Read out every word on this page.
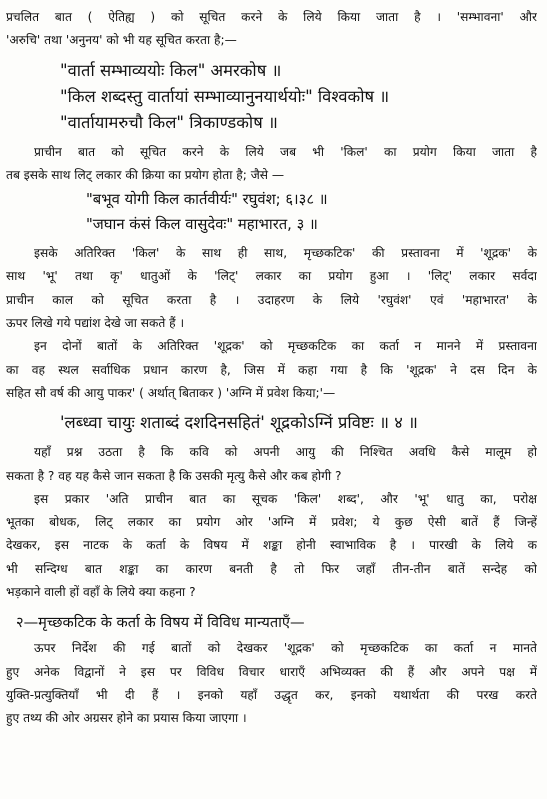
प्रचलित बात ( ऐतिह्य ) को सूचित करने के लिये किया जाता है । 'सम्भावना' और
'अरुचि' तथा 'अनुनय' को भी यह सूचित करता है;—
"वार्ता सम्भाव्ययोः किल" अमरकोष ॥
"किल शब्दस्तु वार्तायां सम्भाव्यानुनयार्थयोः" विश्वकोष ॥
"वार्तायामरुचौ किल" त्रिकाण्डकोष ॥
प्राचीन बात को सूचित करने के लिये जब भी 'किल' का प्रयोग किया जाता है
तब इसके साथ लिट् लकार की क्रिया का प्रयोग होता है; जैसे —
"बभूव योगी किल कार्तवीर्यः" रघुवंश; ६।३८ ॥
"जघान कंसं किल वासुदेवः" महाभारत, ३ ॥
इसके अतिरिक्त 'किल' के साथ ही साथ, मृच्छकटिक' की प्रस्तावना में 'शूद्रक' के
साथ 'भू' तथा कृ' धातुओं के 'लिट्' लकार का प्रयोग हुआ । 'लिट्' लकार सर्वदा
प्राचीन काल को सूचित करता है । उदाहरण के लिये 'रघुवंश' एवं 'महाभारत' के
ऊपर लिखे गये पद्यांश देखे जा सकते हैं ।
इन दोनों बातों के अतिरिक्त 'शूद्रक' को मृच्छकटिक का कर्ता न मानने में प्रस्तावना
का वह स्थल सर्वाधिक प्रधान कारण है, जिस में कहा गया है कि 'शूद्रक' ने दस दिन के
सहित सौ वर्ष की आयु पाकर' ( अर्थात् बिताकर ) 'अग्नि में प्रवेश किया;'—
'लब्ध्वा चायुः शताब्दं दशदिनसहितं' शूद्रकोऽग्निं प्रविष्टः ॥ ४ ॥
यहाँ प्रश्न उठता है कि कवि को अपनी आयु की निश्चित अवधि कैसे मालूम हो
सकता है ? वह यह कैसे जान सकता है कि उसकी मृत्यु कैसे और कब होगी ?
इस प्रकार 'अति प्राचीन बात का सूचक 'किल' शब्द', और 'भू' धातु का, परोक्ष
भूतका बोधक, लिट् लकार का प्रयोग ओर 'अग्नि में प्रवेश; ये कुछ ऐसी बातें हैं जिन्हें
देखकर, इस नाटक के कर्ता के विषय में शङ्का होनी स्वाभाविक है । पारखी के लिये क
भी सन्दिग्ध बात शङ्का का कारण बनती है तो फिर जहाँ तीन-तीन बातें सन्देह को
भड़काने वाली हों वहाँ के लिये क्या कहना ?
२—मृच्छकटिक के कर्ता के विषय में विविध मान्यताएँ—
ऊपर निर्देश की गई बातों को देखकर 'शूद्रक' को मृच्छकटिक का कर्ता न मानते
हुए अनेक विद्वानों ने इस पर विविध विचार धाराएँ अभिव्यक्त की हैं और अपने पक्ष में
युक्ति-प्रत्युक्तियाँ भी दी हैं । इनको यहाँ उद्धृत कर, इनको यथार्थता की परख करते
हुए तथ्य की ओर अग्रसर होने का प्रयास किया जाएगा ।
